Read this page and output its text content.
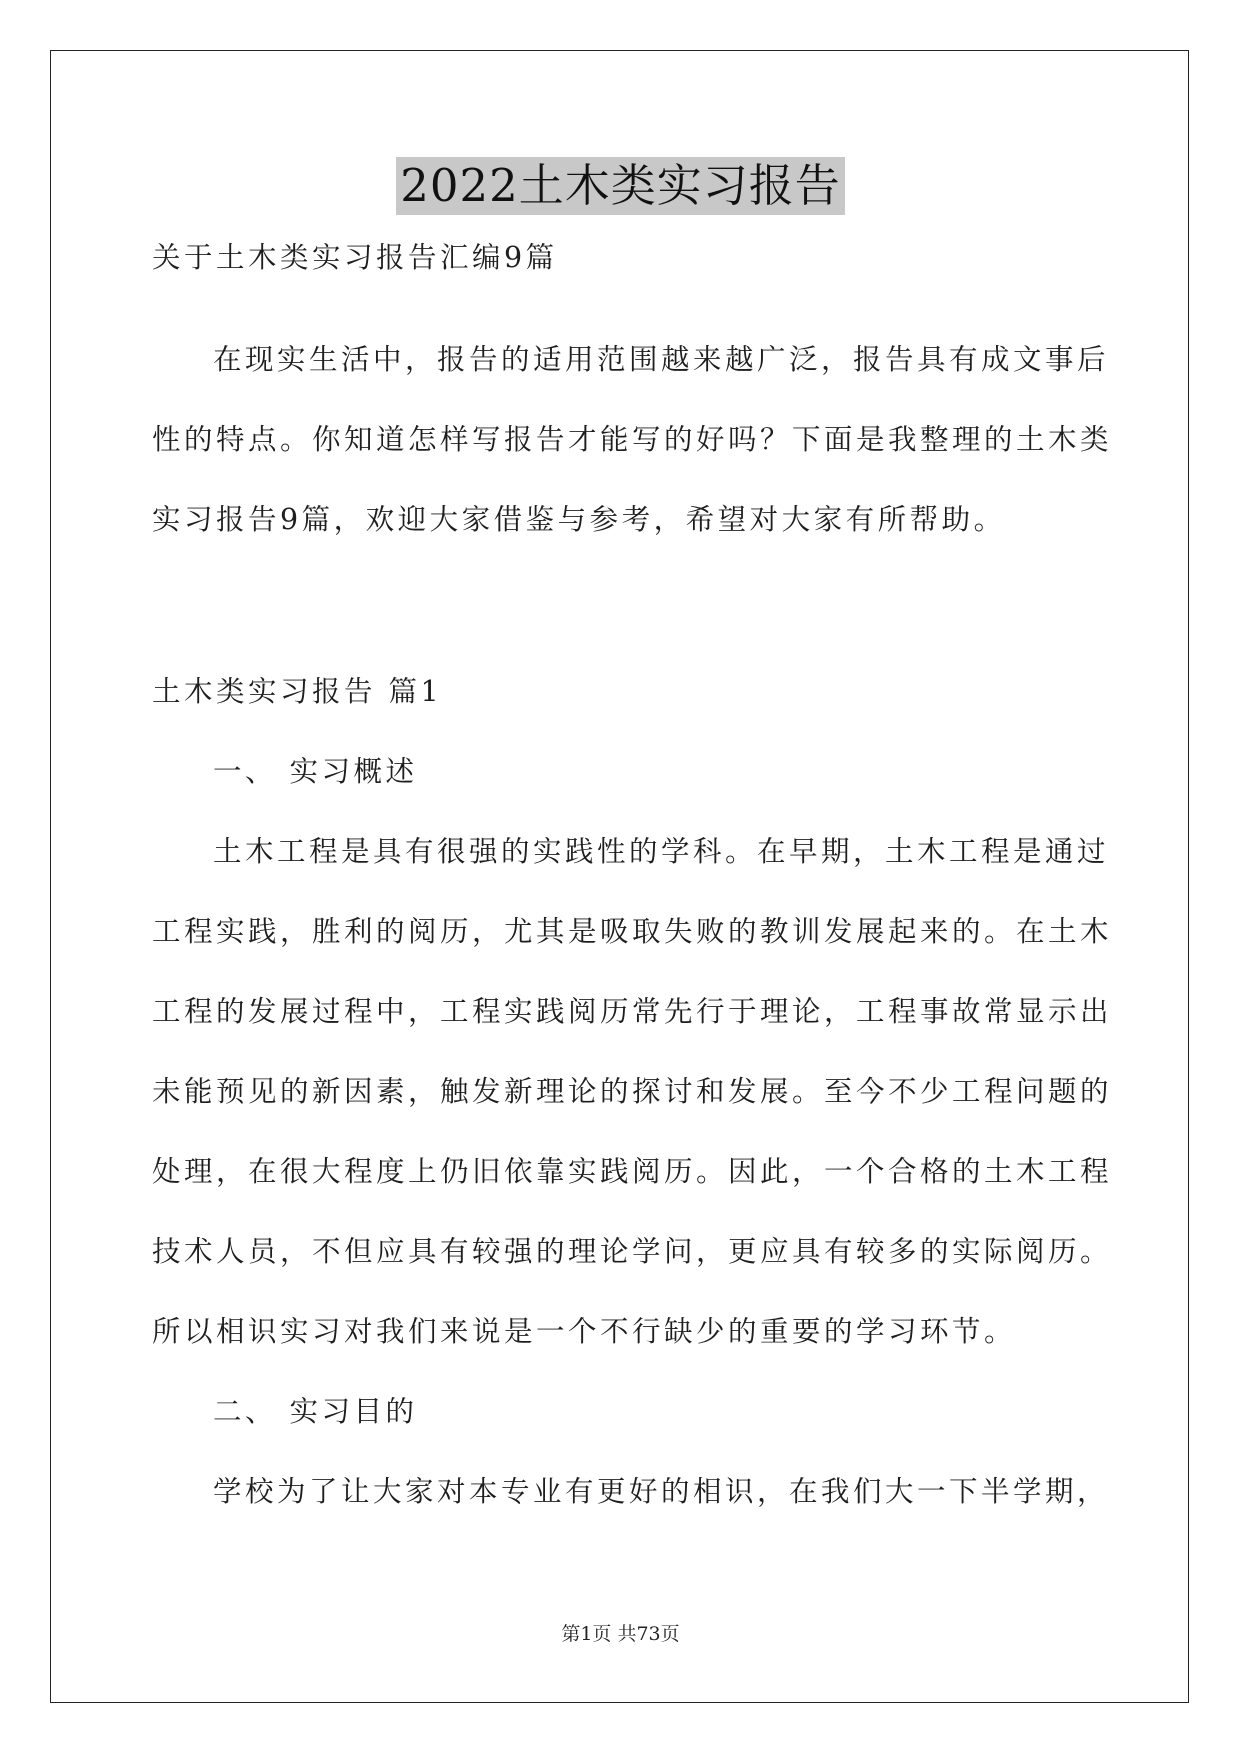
2022土木类实习报告
关于土木类实习报告汇编9篇
在现实生活中，报告的适用范围越来越广泛，报告具有成文事后
性的特点。你知道怎样写报告才能写的好吗？下面是我整理的土木类
实习报告9篇，欢迎大家借鉴与参考，希望对大家有所帮助。
土木类实习报告 篇1
一、 实习概述
土木工程是具有很强的实践性的学科。在早期，土木工程是通过
工程实践，胜利的阅历，尤其是吸取失败的教训发展起来的。在土木
工程的发展过程中，工程实践阅历常先行于理论，工程事故常显示出
未能预见的新因素，触发新理论的探讨和发展。至今不少工程问题的
处理，在很大程度上仍旧依靠实践阅历。因此，一个合格的土木工程
技术人员，不但应具有较强的理论学问，更应具有较多的实际阅历。
所以相识实习对我们来说是一个不行缺少的重要的学习环节。
二、 实习目的
学校为了让大家对本专业有更好的相识，在我们大一下半学期，
第1页 共73页
